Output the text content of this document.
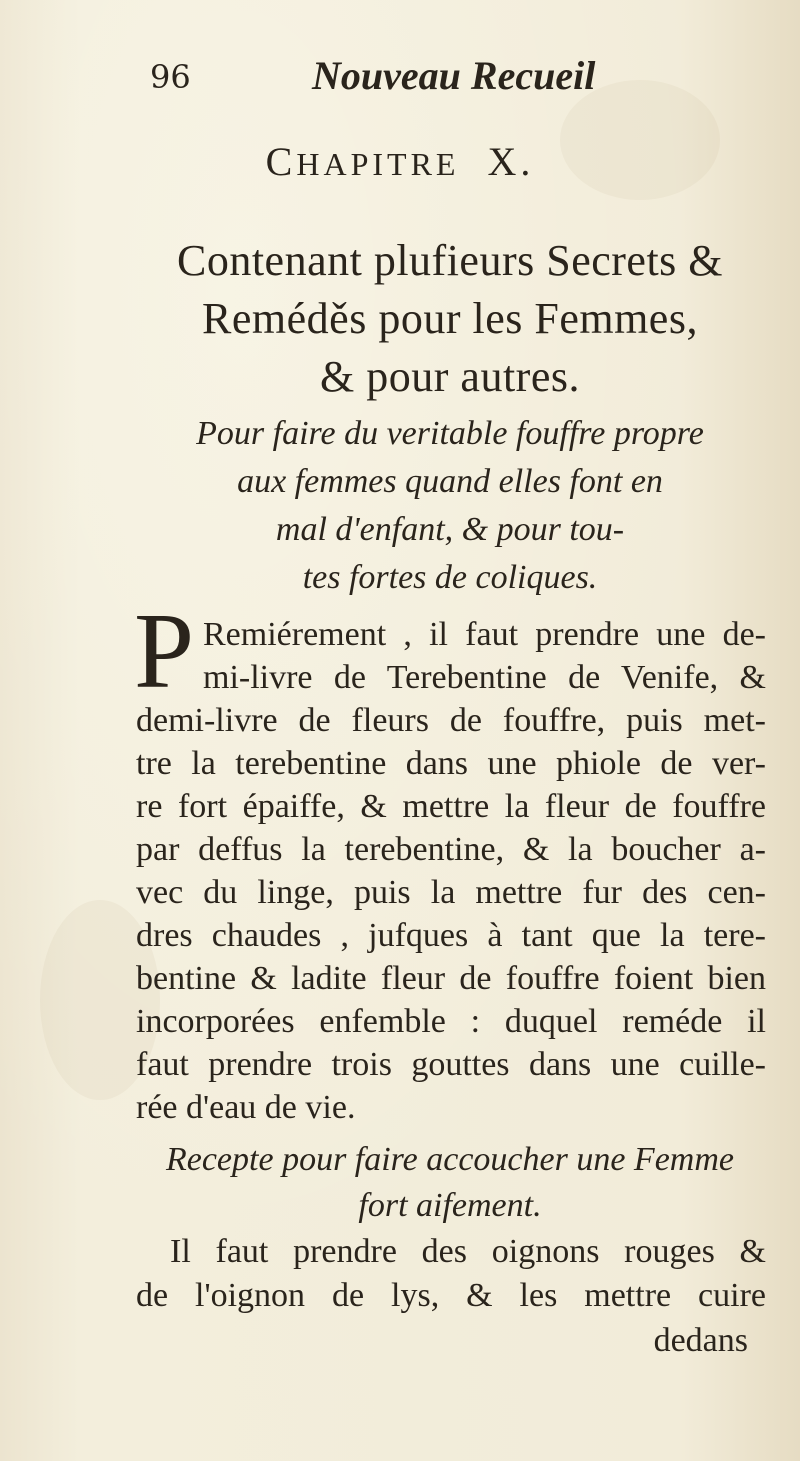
96	Nouveau Recueil
CHAPITRE X.
Contenant plufieurs Secrets &
Reméděs pour les Femmes,
& pour autres.
Pour faire du veritable fouffre propre
aux femmes quand elles font en
mal d'enfant, & pour tou-
tes fortes de coliques.
P Remiérement , il faut prendre une de-
mi-livre de Terebentine de Venife, &
demi-livre de fleurs de fouffre, puis met-
tre la terebentine dans une phiole de ver-
re fort épaiffe, & mettre la fleur de fouffre
par deffus la terebentine, & la boucher a-
vec du linge, puis la mettre fur des cen-
dres chaudes , jufques à tant que la tere-
bentine & ladite fleur de fouffre foient bien
incorporées enfemble : duquel reméde il
faut prendre trois gouttes dans une cuille-
rée d'eau de vie.
Recepte pour faire accoucher une Femme
fort aifement.
Il faut prendre des oignons rouges &
de l'oignon de lys, & les mettre cuire
dedans
